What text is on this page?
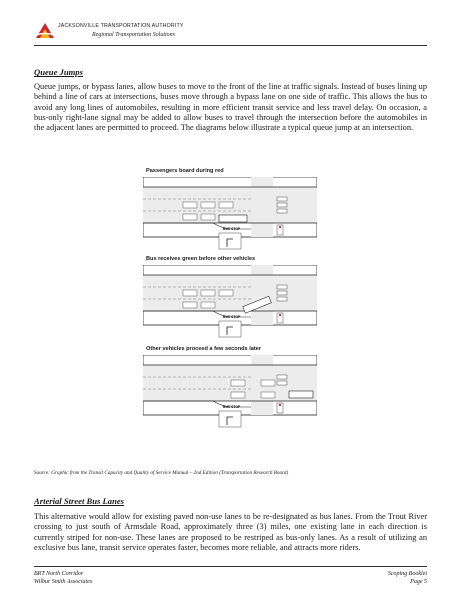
JACKSONVILLE TRANSPORTATION AUTHORITY
Regional Transportation Solutions
Queue Jumps
Queue jumps, or bypass lanes, allow buses to move to the front of the line at traffic signals. Instead of buses lining up behind a line of cars at intersections, buses move through a bypass lane on one side of traffic. This allows the bus to avoid any long lines of automobiles, resulting in more efficient transit service and less travel delay. On occasion, a bus-only right-lane signal may be added to allow buses to travel through the intersection before the automobiles in the adjacent lanes are permitted to proceed. The diagrams below illustrate a typical queue jump at an intersection.
Passengers board during red
BUS STOP
Bus receives green before other vehicles
BUS STOP
Other vehicles proceed a few seconds later
BUS STOP
Source: Graphic from the Transit Capacity and Quality of Service Manual – 2nd Edition (Transportation Research Board)
Arterial Street Bus Lanes
This alternative would allow for existing paved non-use lanes to be re-designated as bus lanes. From the Trout River crossing to just south of Armsdale Road, approximately three (3) miles, one existing lane in each direction is currently striped for non-use. These lanes are proposed to be restriped as bus-only lanes. As a result of utilizing an exclusive bus lane, transit service operates faster, becomes more reliable, and attracts more riders.
BRT North Corridor
Wilbur Smith Associates
Scoping Booklet
Page 5
